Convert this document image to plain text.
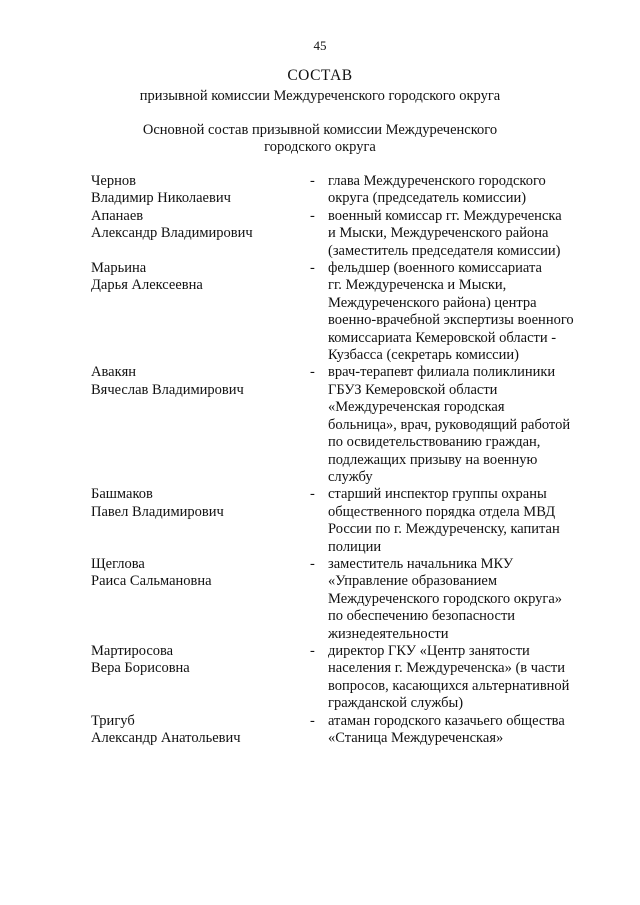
45
СОСТАВ
призывной комиссии Междуреченского городского округа
Основной состав призывной комиссии Междуреченского
городского округа
Чернов
Владимир Николаевич
- глава Междуреченского городского
округа (председатель комиссии)
Апанаев
Александр Владимирович
- военный комиссар гг. Междуреченска
и Мыски, Междуреченского района
(заместитель председателя комиссии)
Марьина
Дарья Алексеевна
- фельдшер (военного комиссариата
гг. Междуреченска и Мыски,
Междуреченского района) центра
военно-врачебной экспертизы военного
комиссариата Кемеровской области -
Кузбасса (секретарь комиссии)
Авакян
Вячеслав Владимирович
- врач-терапевт филиала поликлиники
ГБУЗ Кемеровской области
«Междуреченская городская
больница», врач, руководящий работой
по освидетельствованию граждан,
подлежащих призыву на военную
службу
Башмаков
Павел Владимирович
- старший инспектор группы охраны
общественного порядка отдела МВД
России по г. Междуреченску, капитан
полиции
Щеглова
Раиса Сальмановна
- заместитель начальника МКУ
«Управление образованием
Междуреченского городского округа»
по обеспечению безопасности
жизнедеятельности
Мартиросова
Вера Борисовна
- директор ГКУ «Центр занятости
населения г. Междуреченска» (в части
вопросов, касающихся альтернативной
гражданской службы)
Тригуб
Александр Анатольевич
- атаман городского казачьего общества
«Станица Междуреченская»
